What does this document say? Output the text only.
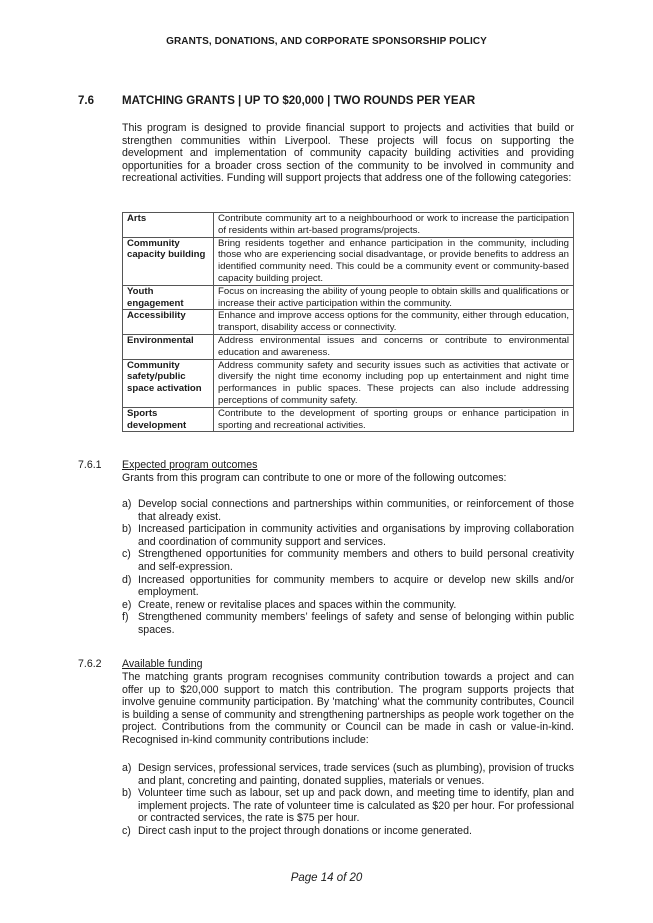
GRANTS, DONATIONS, AND CORPORATE SPONSORSHIP POLICY
7.6 MATCHING GRANTS | UP TO $20,000 | TWO ROUNDS PER YEAR

This program is designed to provide financial support to projects and activities that build or strengthen communities within Liverpool. These projects will focus on supporting the development and implementation of community capacity building activities and providing opportunities for a broader cross section of the community to be involved in community and recreational activities. Funding will support projects that address one of the following categories:

Arts	Contribute community art to a neighbourhood or work to increase the participation of residents within art-based programs/projects.
Community capacity building	Bring residents together and enhance participation in the community, including those who are experiencing social disadvantage, or provide benefits to address an identified community need. This could be a community event or community-based capacity building project.
Youth engagement	Focus on increasing the ability of young people to obtain skills and qualifications or increase their active participation within the community.
Accessibility	Enhance and improve access options for the community, either through education, transport, disability access or connectivity.
Environmental	Address environmental issues and concerns or contribute to environmental education and awareness.
Community safety/public space activation	Address community safety and security issues such as activities that activate or diversify the night time economy including pop up entertainment and night time performances in public spaces. These projects can also include addressing perceptions of community safety.
Sports development	Contribute to the development of sporting groups or enhance participation in sporting and recreational activities.
7.6.1 Expected program outcomes

Grants from this program can contribute to one or more of the following outcomes:

a) Develop social connections and partnerships within communities, or reinforcement of those that already exist.
b) Increased participation in community activities and organisations by improving collaboration and coordination of community support and services.
c) Strengthened opportunities for community members and others to build personal creativity and self-expression.
d) Increased opportunities for community members to acquire or develop new skills and/or employment.
e) Create, renew or revitalise places and spaces within the community.
f) Strengthened community members’ feelings of safety and sense of belonging within public spaces.
7.6.2 Available funding

The matching grants program recognises community contribution towards a project and can offer up to $20,000 support to match this contribution. The program supports projects that involve genuine community participation. By 'matching' what the community contributes, Council is building a sense of community and strengthening partnerships as people work together on the project. Contributions from the community or Council can be made in cash or value-in-kind. Recognised in-kind community contributions include:

a) Design services, professional services, trade services (such as plumbing), provision of trucks and plant, concreting and painting, donated supplies, materials or venues.
b) Volunteer time such as labour, set up and pack down, and meeting time to identify, plan and implement projects. The rate of volunteer time is calculated as $20 per hour. For professional or contracted services, the rate is $75 per hour.
c) Direct cash input to the project through donations or income generated.
Page 14 of 20
